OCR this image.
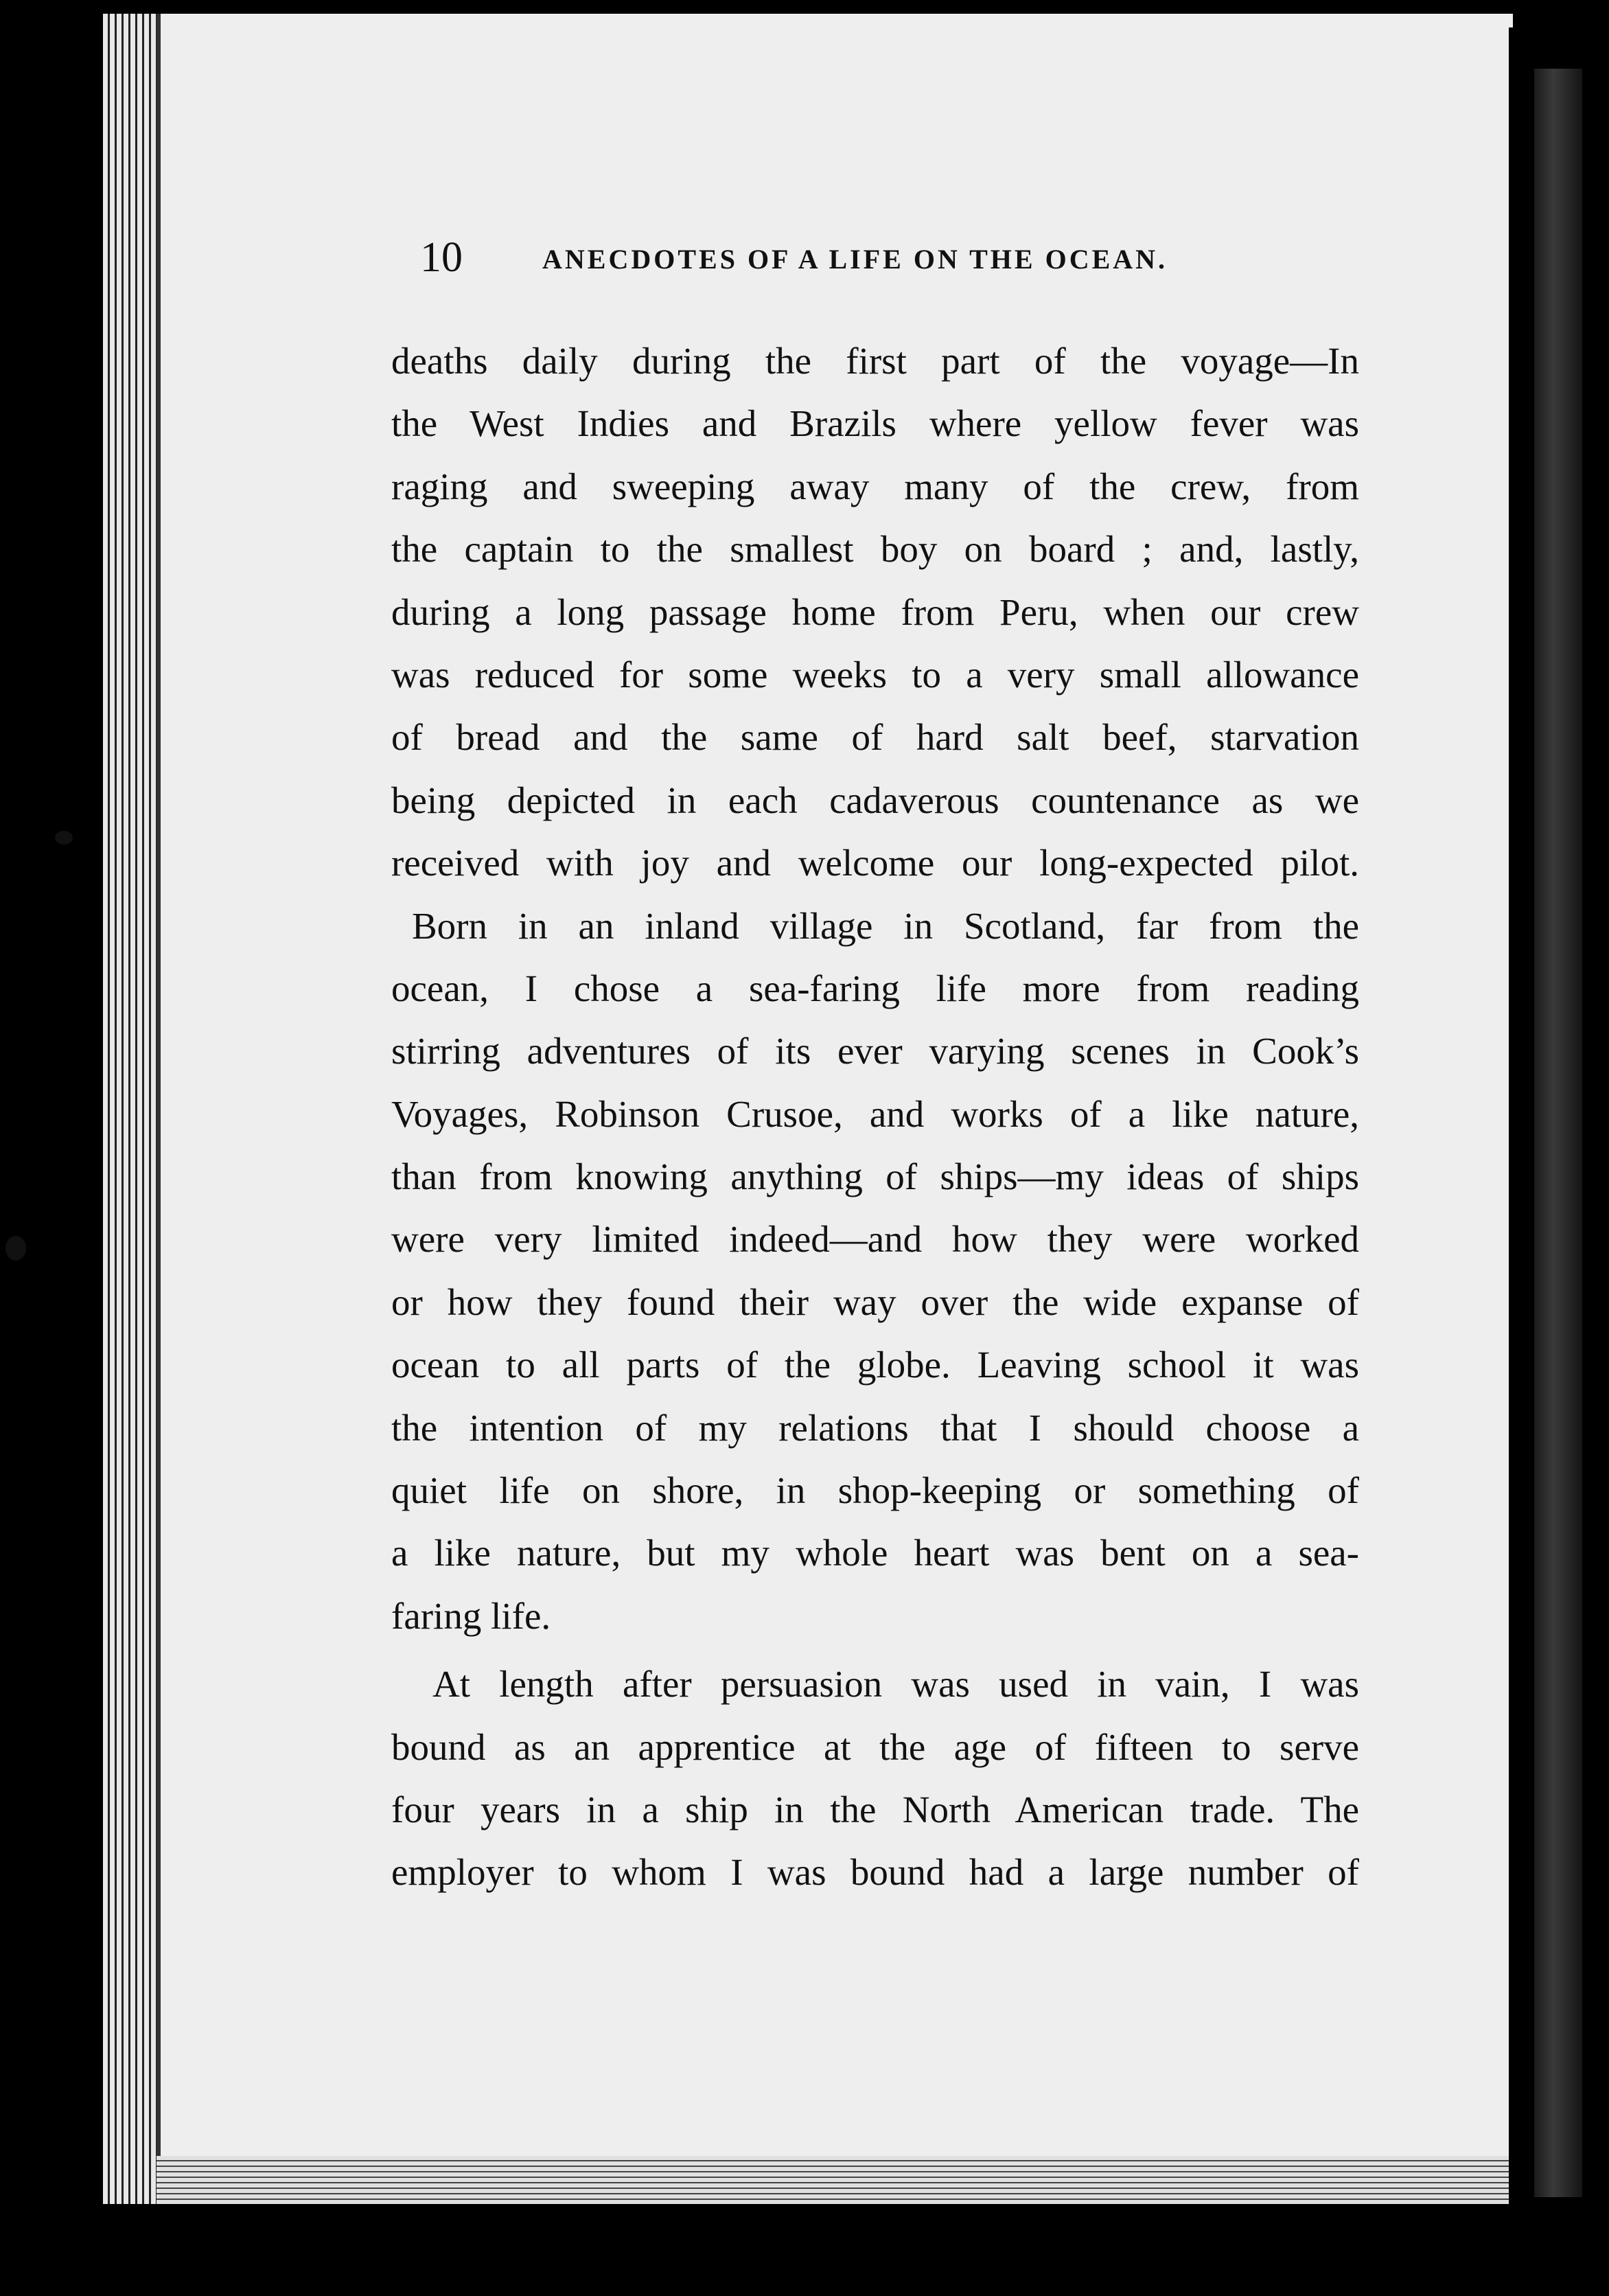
10	ANECDOTES OF A LIFE ON THE OCEAN.
deaths daily during the first part of the voyage—In
the West Indies and Brazils where yellow fever was
raging and sweeping away many of the crew, from
the captain to the smallest boy on board ; and, lastly,
during a long passage home from Peru, when our crew
was reduced for some weeks to a very small allowance
of bread and the same of hard salt beef, starvation
being depicted in each cadaverous countenance as we
received with joy and welcome our long-expected pilot.
Born in an inland village in Scotland, far from the
ocean, I chose a sea-faring life more from reading
stirring adventures of its ever varying scenes in Cook’s
Voyages, Robinson Crusoe, and works of a like nature,
than from knowing anything of ships—my ideas of ships
were very limited indeed—and how they were worked
or how they found their way over the wide expanse of
ocean to all parts of the globe. Leaving school it was
the intention of my relations that I should choose a
quiet life on shore, in shop-keeping or something of
a like nature, but my whole heart was bent on a sea-
faring life.
At length after persuasion was used in vain, I was
bound as an apprentice at the age of fifteen to serve
four years in a ship in the North American trade. The
employer to whom I was bound had a large number of
